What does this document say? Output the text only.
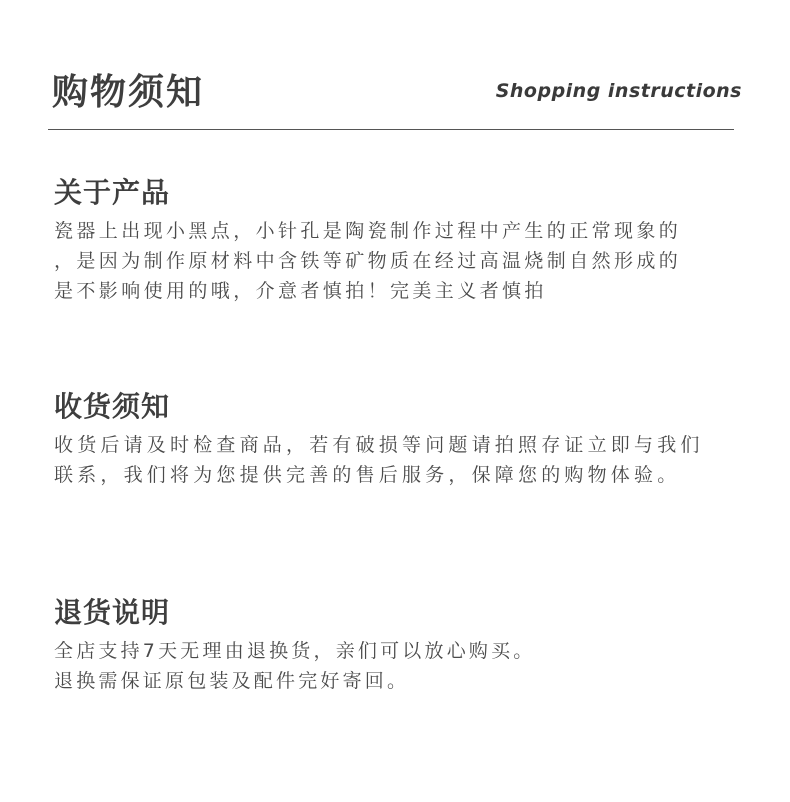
购物须知	Shopping instructions
关于产品

瓷器上出现小黑点，小针孔是陶瓷制作过程中产生的正常现象的

，是因为制作原材料中含铁等矿物质在经过高温烧制自然形成的

是不影响使用的哦，介意者慎拍！完美主义者慎拍

收货须知

收货后请及时检查商品，若有破损等问题请拍照存证立即与我们

联系，我们将为您提供完善的售后服务，保障您的购物体验。

退货说明

全店支持7天无理由退换货，亲们可以放心购买。

退换需保证原包装及配件完好寄回。
